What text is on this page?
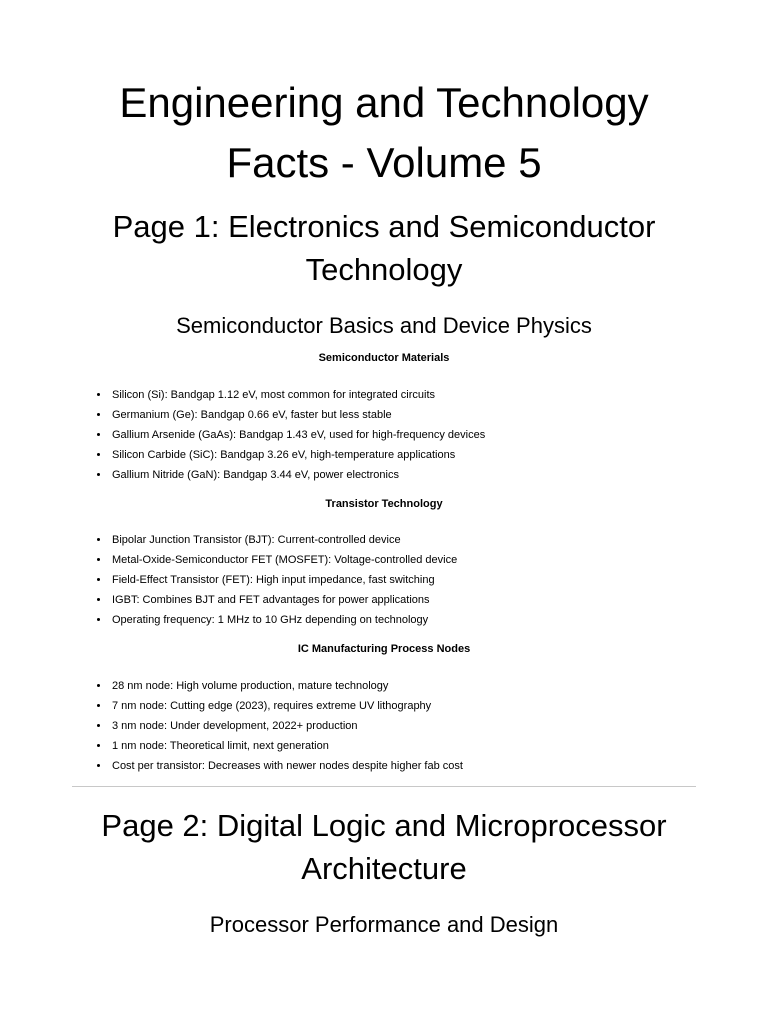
Engineering and Technology
Facts - Volume 5
Page 1: Electronics and Semiconductor
Technology
Semiconductor Basics and Device Physics
Semiconductor Materials
• Silicon (Si): Bandgap 1.12 eV, most common for integrated circuits
• Germanium (Ge): Bandgap 0.66 eV, faster but less stable
• Gallium Arsenide (GaAs): Bandgap 1.43 eV, used for high-frequency devices
• Silicon Carbide (SiC): Bandgap 3.26 eV, high-temperature applications
• Gallium Nitride (GaN): Bandgap 3.44 eV, power electronics
Transistor Technology
• Bipolar Junction Transistor (BJT): Current-controlled device
• Metal-Oxide-Semiconductor FET (MOSFET): Voltage-controlled device
• Field-Effect Transistor (FET): High input impedance, fast switching
• IGBT: Combines BJT and FET advantages for power applications
• Operating frequency: 1 MHz to 10 GHz depending on technology
IC Manufacturing Process Nodes
• 28 nm node: High volume production, mature technology
• 7 nm node: Cutting edge (2023), requires extreme UV lithography
• 3 nm node: Under development, 2022+ production
• 1 nm node: Theoretical limit, next generation
• Cost per transistor: Decreases with newer nodes despite higher fab cost
Page 2: Digital Logic and Microprocessor
Architecture
Processor Performance and Design
